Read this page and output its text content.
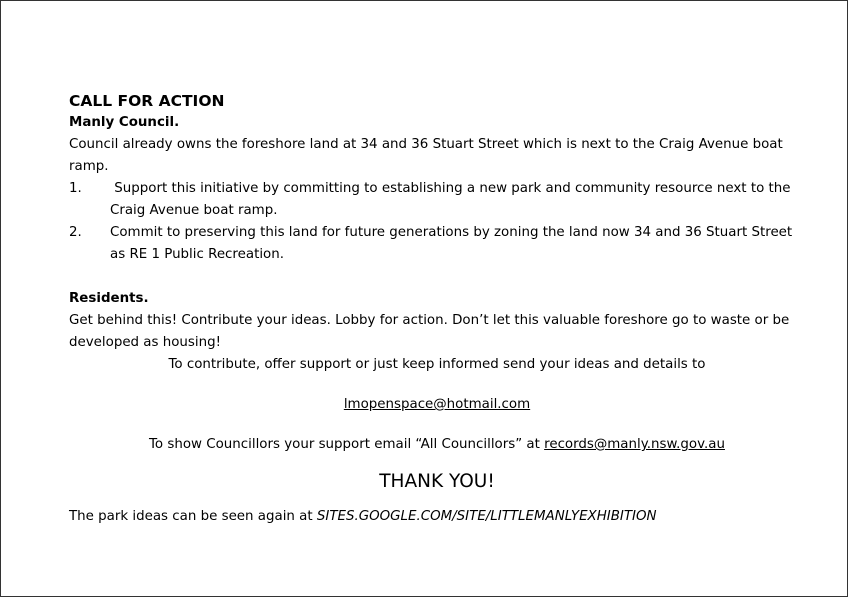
CALL FOR ACTION

Manly Council.

Council already owns the foreshore land at 34 and 36 Stuart Street which is next to the Craig Avenue boat ramp.

1. Support this initiative by committing to establishing a new park and community resource next to the Craig Avenue boat ramp.
2. Commit to preserving this land for future generations by zoning the land now 34 and 36 Stuart Street as RE 1 Public Recreation.

Residents.

Get behind this! Contribute your ideas. Lobby for action. Don’t let this valuable foreshore go to waste or be developed as housing!

To contribute, offer support or just keep informed send your ideas and details to

lmopenspace@hotmail.com

To show Councillors your support email “All Councillors” at records@manly.nsw.gov.au

THANK YOU!

The park ideas can be seen again at SITES.GOOGLE.COM/SITE/LITTLEMANLYEXHIBITION
